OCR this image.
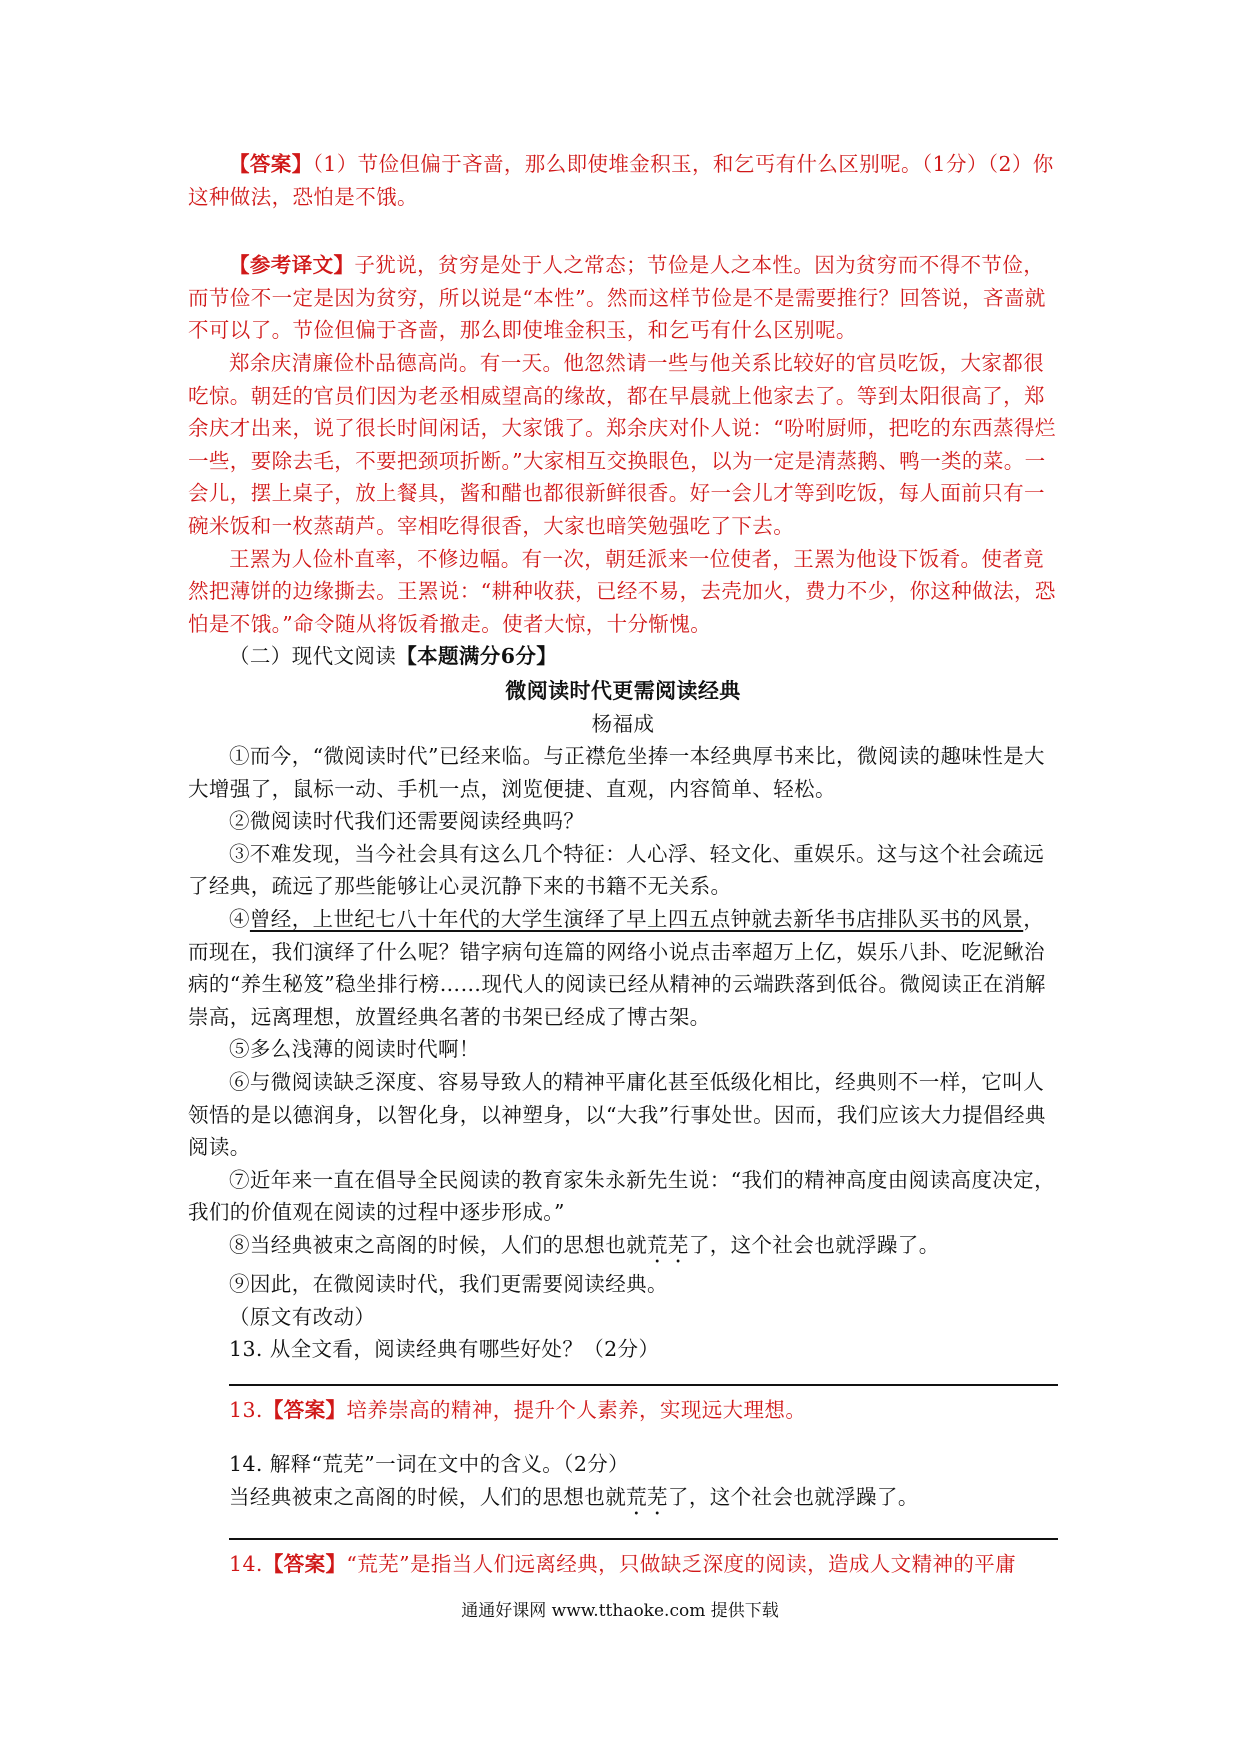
【答案】（1）节俭但偏于吝啬，那么即使堆金积玉，和乞丐有什么区别呢。（1分）（2）你这种做法，恐怕是不饿。

【参考译文】子犹说，贫穷是处于人之常态；节俭是人之本性。因为贫穷而不得不节俭，而节俭不一定是因为贫穷，所以说是“本性”。然而这样节俭是不是需要推行？回答说，吝啬就不可以了。节俭但偏于吝啬，那么即使堆金积玉，和乞丐有什么区别呢。

郑余庆清廉俭朴品德高尚。有一天。他忽然请一些与他关系比较好的官员吃饭，大家都很吃惊。朝廷的官员们因为老丞相威望高的缘故，都在早晨就上他家去了。等到太阳很高了，郑余庆才出来，说了很长时间闲话，大家饿了。郑余庆对仆人说：“吩咐厨师，把吃的东西蒸得烂一些，要除去毛，不要把颈项折断。”大家相互交换眼色，以为一定是清蒸鹅、鸭一类的菜。一会儿，摆上桌子，放上餐具，酱和醋也都很新鲜很香。好一会儿才等到吃饭，每人面前只有一碗米饭和一枚蒸葫芦。宰相吃得很香，大家也暗笑勉强吃了下去。

王罴为人俭朴直率，不修边幅。有一次，朝廷派来一位使者，王罴为他设下饭肴。使者竟然把薄饼的边缘撕去。王罴说：“耕种收获，已经不易，去壳加火，费力不少，你这种做法，恐怕是不饿。”命令随从将饭肴撤走。使者大惊，十分惭愧。

（二）现代文阅读【本题满分6分】

微阅读时代更需阅读经典

杨福成

①而今，“微阅读时代”已经来临。与正襟危坐捧一本经典厚书来比，微阅读的趣味性是大大增强了，鼠标一动、手机一点，浏览便捷、直观，内容简单、轻松。

②微阅读时代我们还需要阅读经典吗？

③不难发现，当今社会具有这么几个特征：人心浮、轻文化、重娱乐。这与这个社会疏远了经典，疏远了那些能够让心灵沉静下来的书籍不无关系。

④曾经，上世纪七八十年代的大学生演绎了早上四五点钟就去新华书店排队买书的风景，而现在，我们演绎了什么呢？错字病句连篇的网络小说点击率超万上亿，娱乐八卦、吃泥鳅治病的“养生秘笈”稳坐排行榜……现代人的阅读已经从精神的云端跌落到低谷。微阅读正在消解崇高，远离理想，放置经典名著的书架已经成了博古架。

⑤多么浅薄的阅读时代啊！

⑥与微阅读缺乏深度、容易导致人的精神平庸化甚至低级化相比，经典则不一样，它叫人领悟的是以德润身，以智化身，以神塑身，以“大我”行事处世。因而，我们应该大力提倡经典阅读。

⑦近年来一直在倡导全民阅读的教育家朱永新先生说：“我们的精神高度由阅读高度决定，我们的价值观在阅读的过程中逐步形成。”

⑧当经典被束之高阁的时候，人们的思想也就荒芜了，这个社会也就浮躁了。

⑨因此，在微阅读时代，我们更需要阅读经典。

（原文有改动）

13. 从全文看，阅读经典有哪些好处？（2分）

13.【答案】培养崇高的精神，提升个人素养，实现远大理想。

14. 解释“荒芜”一词在文中的含义。（2分）

当经典被束之高阁的时候，人们的思想也就荒芜了，这个社会也就浮躁了。

14.【答案】“荒芜”是指当人们远离经典，只做缺乏深度的阅读，造成人文精神的平庸

通通好课网 www.tthaoke.com 提供下载
